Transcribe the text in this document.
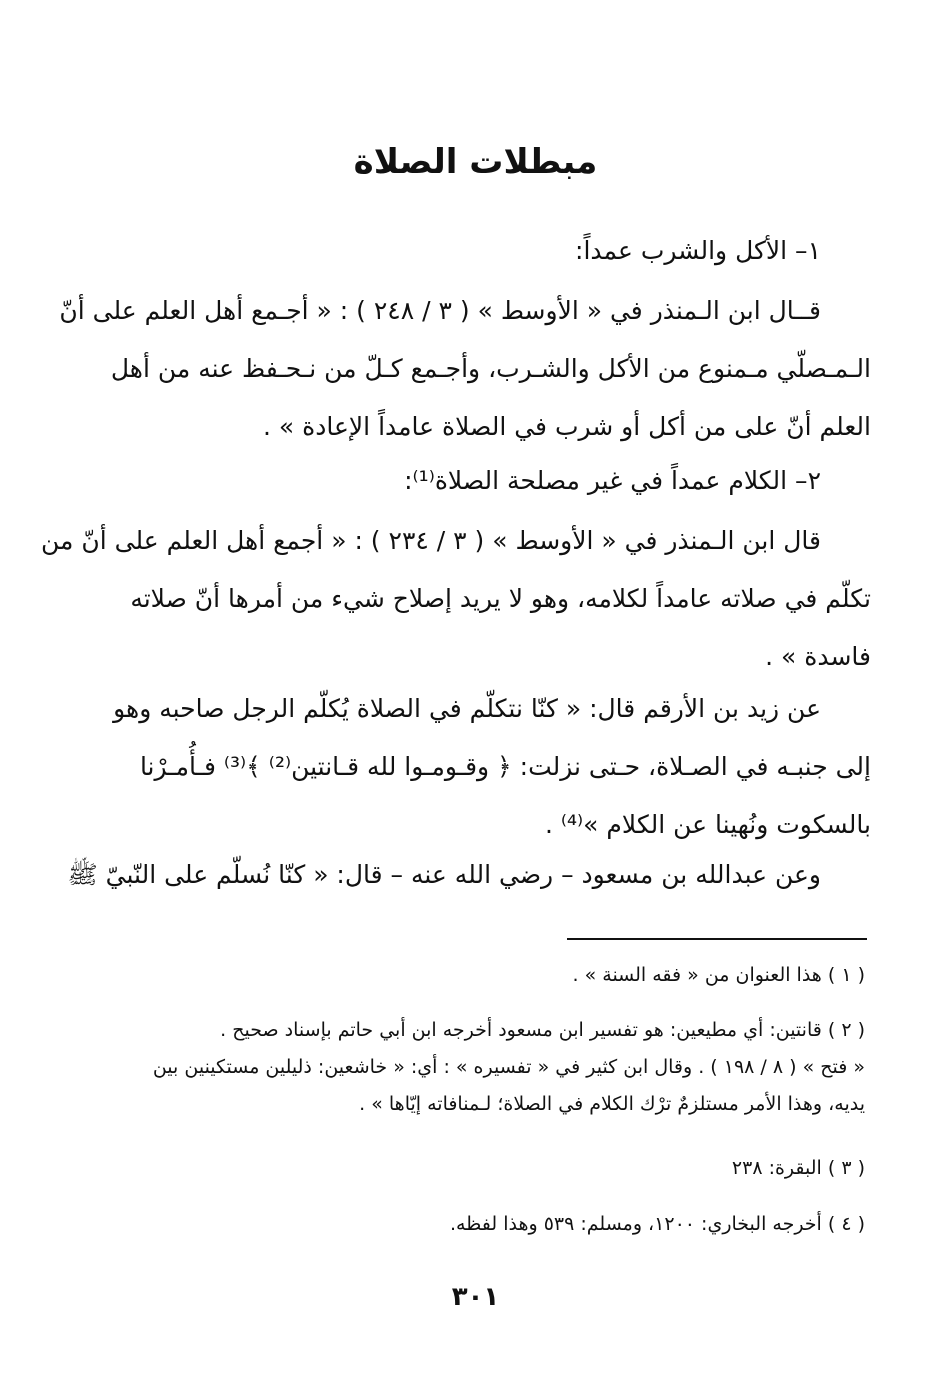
مبطلات الصلاة
١– الأكل والشرب عمداً:
قــال ابن الـمنذر في « الأوسط » ( ٣ / ٢٤٨ ) : « أجـمع أهل العلم على أنّ
الـمـصلّي مـمنوع من الأكل والشـرب، وأجـمع كـلّ من نـحـفظ عنه من أهل
العلم أنّ على من أكل أو شرب في الصلاة عامداً الإعادة » .
٢– الكلام عمداً في غير مصلحة الصلاة⁽¹⁾:
قال ابن الـمنذر في « الأوسط » ( ٣ / ٢٣٤ ) : « أجمع أهل العلم على أنّ من
تكلّم في صلاته عامداً لكلامه، وهو لا يريد إصلاح شيء من أمرها أنّ صلاته
فاسدة » .
عن زيد بن الأرقم قال: « كنّا نتكلّم في الصلاة يُكلّم الرجل صاحبه وهو
إلى جنبـه في الصـلاة، حـتى نزلت: ﴿ وقـومـوا لله قـانتين⁽²⁾ ﴾⁽³⁾ فـأُمـرْنا
بالسكوت ونُهينا عن الكلام »⁽⁴⁾ .
وعن عبدالله بن مسعود – رضي الله عنه – قال: « كنّا نُسلّم على النّبيّ ﷺ
( ١ ) هذا العنوان من « فقه السنة » .
( ٢ ) قانتين: أي مطيعين: هو تفسير ابن مسعود أخرجه ابن أبي حاتم بإسناد صحيح .
« فتح » ( ٨ / ١٩٨ ) . وقال ابن كثير في « تفسيره » : أي: « خاشعين: ذليلين مستكينين بين
يديه، وهذا الأمر مستلزمٌ ترْك الكلام في الصلاة؛ لـمنافاته إيّاها » .
( ٣ ) البقرة: ٢٣٨
( ٤ ) أخرجه البخاري: ١٢٠٠، ومسلم: ٥٣٩ وهذا لفظه.
٣٠١
